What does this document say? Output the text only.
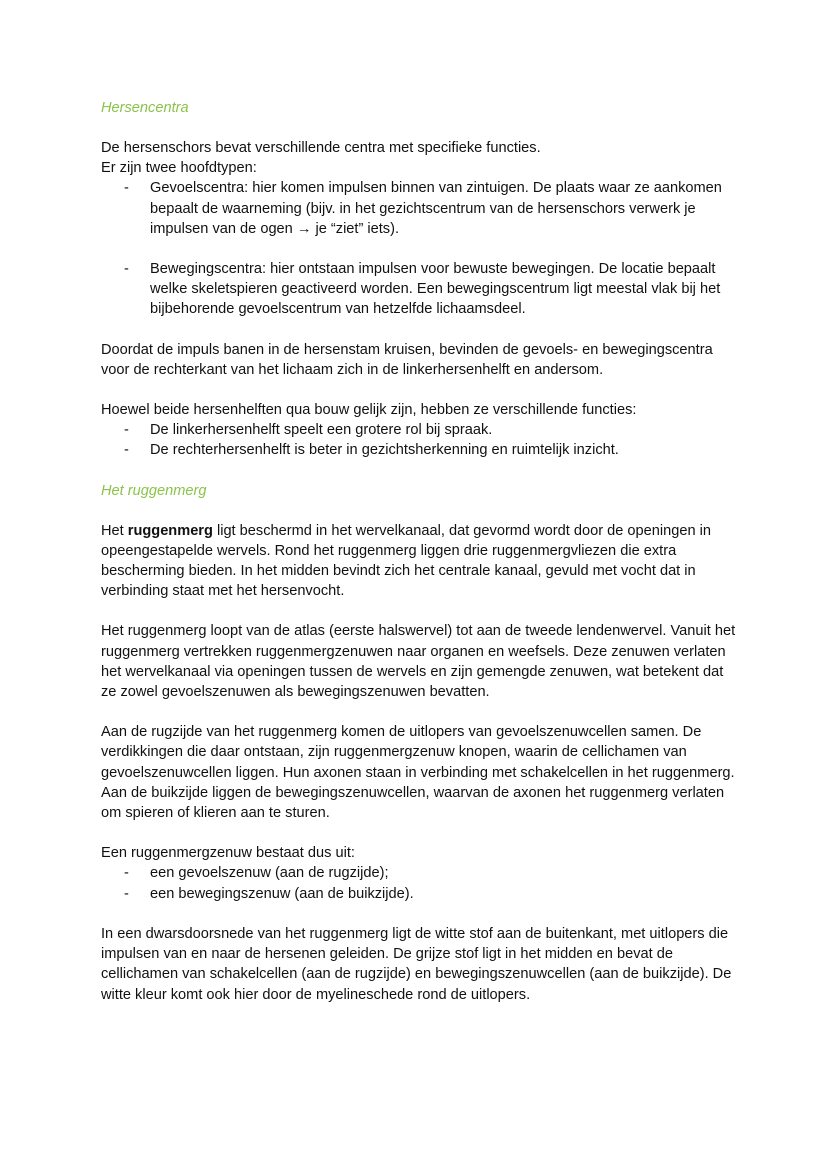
Hersencentra

De hersenschors bevat verschillende centra met specifieke functies.

Er zijn twee hoofdtypen:

- Gevoelscentra: hier komen impulsen binnen van zintuigen. De plaats waar ze aankomen bepaalt de waarneming (bijv. in het gezichtscentrum van de hersenschors verwerk je impulsen van de ogen → je “ziet” iets).
- Bewegingscentra: hier ontstaan impulsen voor bewuste bewegingen. De locatie bepaalt welke skeletspieren geactiveerd worden. Een bewegingscentrum ligt meestal vlak bij het bijbehorende gevoelscentrum van hetzelfde lichaamsdeel.

Doordat de impuls banen in de hersenstam kruisen, bevinden de gevoels- en bewegingscentra voor de rechterkant van het lichaam zich in de linkerhersenhelft en andersom.

Hoewel beide hersenhelften qua bouw gelijk zijn, hebben ze verschillende functies:

- De linkerhersenhelft speelt een grotere rol bij spraak.
- De rechterhersenhelft is beter in gezichtsherkenning en ruimtelijk inzicht.

Het ruggenmerg

Het ruggenmerg ligt beschermd in het wervelkanaal, dat gevormd wordt door de openingen in opeengestapelde wervels. Rond het ruggenmerg liggen drie ruggenmergvliezen die extra bescherming bieden. In het midden bevindt zich het centrale kanaal, gevuld met vocht dat in verbinding staat met het hersenvocht.

Het ruggenmerg loopt van de atlas (eerste halswervel) tot aan de tweede lendenwervel. Vanuit het ruggenmerg vertrekken ruggenmergzenuwen naar organen en weefsels. Deze zenuwen verlaten het wervelkanaal via openingen tussen de wervels en zijn gemengde zenuwen, wat betekent dat ze zowel gevoelszenuwen als bewegingszenuwen bevatten.

Aan de rugzijde van het ruggenmerg komen de uitlopers van gevoelszenuwcellen samen. De verdikkingen die daar ontstaan, zijn ruggenmergzenuw knopen, waarin de cellichamen van gevoelszenuwcellen liggen. Hun axonen staan in verbinding met schakelcellen in het ruggenmerg. Aan de buikzijde liggen de bewegingszenuwcellen, waarvan de axonen het ruggenmerg verlaten om spieren of klieren aan te sturen.

Een ruggenmergzenuw bestaat dus uit:

- een gevoelszenuw (aan de rugzijde);
- een bewegingszenuw (aan de buikzijde).

In een dwarsdoorsnede van het ruggenmerg ligt de witte stof aan de buitenkant, met uitlopers die impulsen van en naar de hersenen geleiden. De grijze stof ligt in het midden en bevat de cellichamen van schakelcellen (aan de rugzijde) en bewegingszenuwcellen (aan de buikzijde). De witte kleur komt ook hier door de myelineschede rond de uitlopers.
